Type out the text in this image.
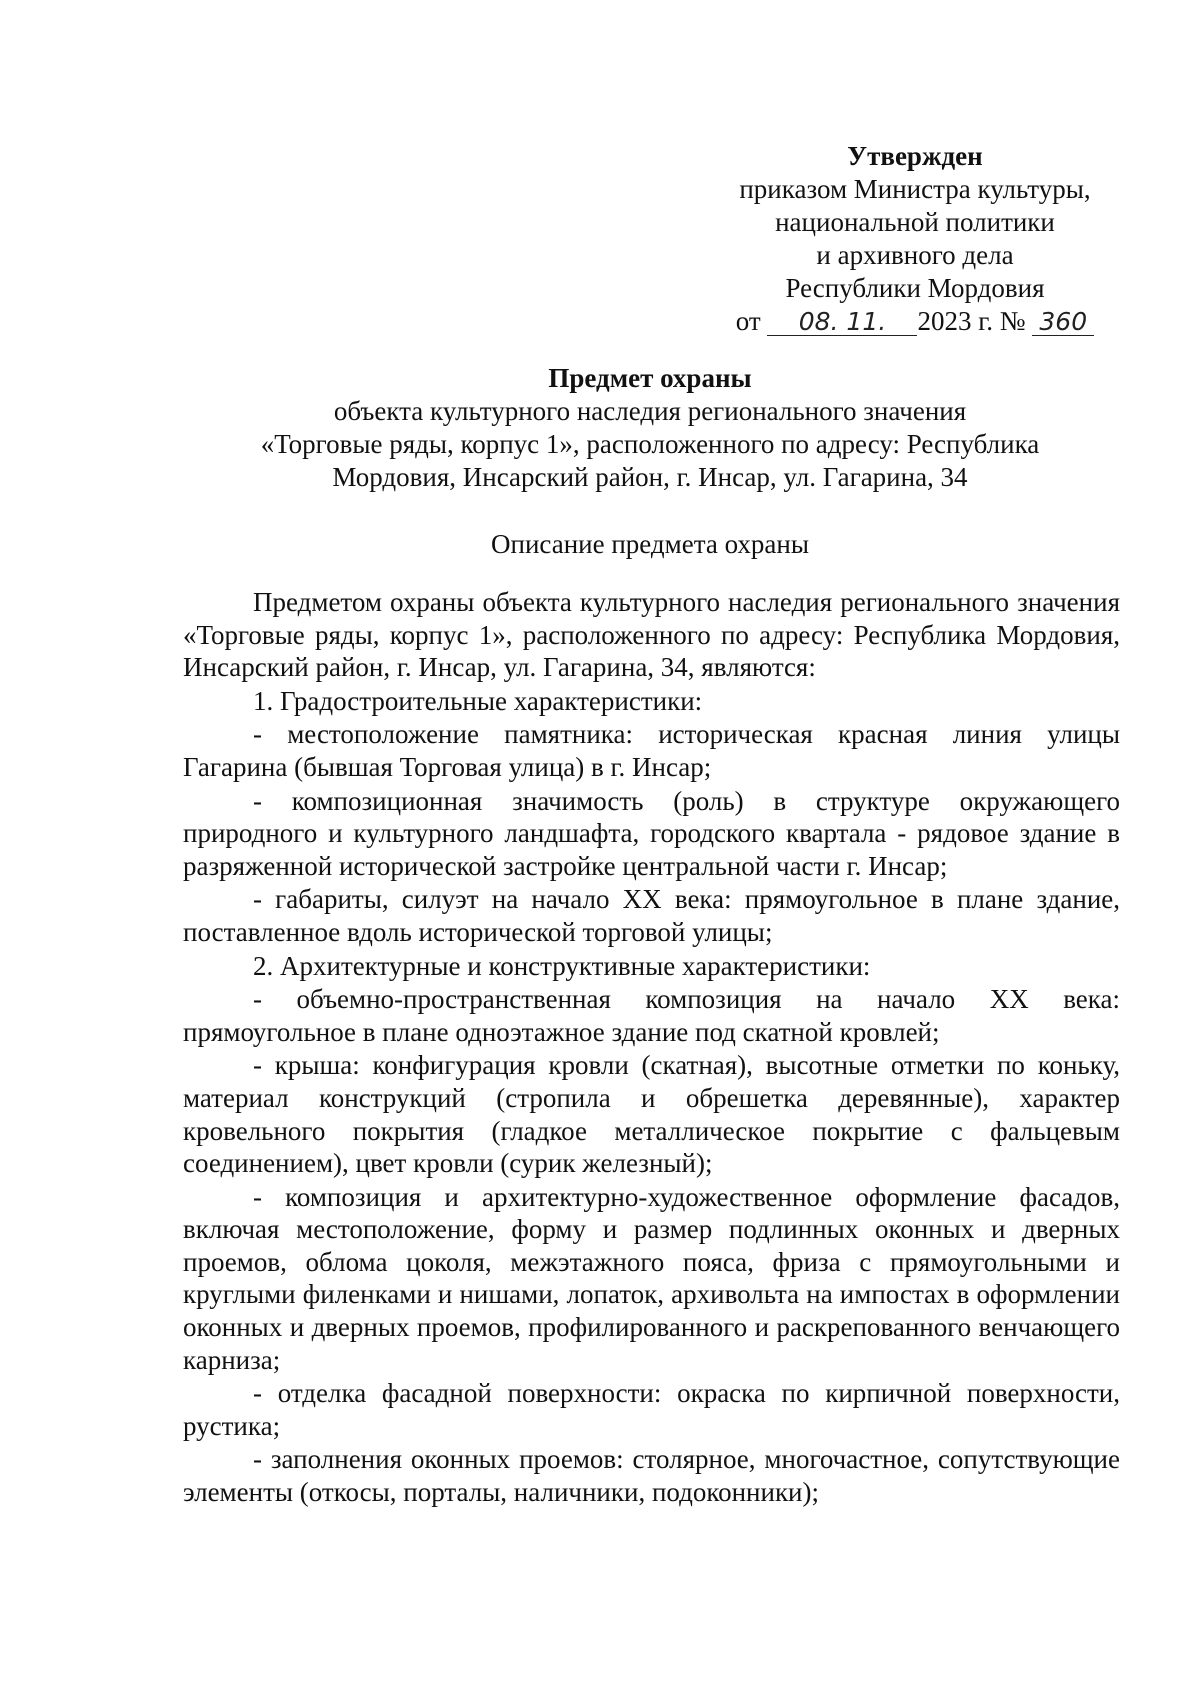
Утвержден
приказом Министра культуры,
национальной политики
и архивного дела
Республики Мордовия
от 08. 11. 2023 г. № 360
Предмет охраны
объекта культурного наследия регионального значения
«Торговые ряды, корпус 1», расположенного по адресу: Республика
Мордовия, Инсарский район, г. Инсар, ул. Гагарина, 34
Описание предмета охраны

Предметом охраны объекта культурного наследия регионального значения «Торговые ряды, корпус 1», расположенного по адресу: Республика Мордовия, Инсарский район, г. Инсар, ул. Гагарина, 34, являются:

1. Градостроительные характеристики:

- местоположение памятника: историческая красная линия улицы Гагарина (бывшая Торговая улица) в г. Инсар;

- композиционная значимость (роль) в структуре окружающего природного и культурного ландшафта, городского квартала - рядовое здание в разряженной исторической застройке центральной части г. Инсар;

- габариты, силуэт на начало XX века: прямоугольное в плане здание, поставленное вдоль исторической торговой улицы;

2. Архитектурные и конструктивные характеристики:

- объемно-пространственная композиция на начало XX века: прямоугольное в плане одноэтажное здание под скатной кровлей;

- крыша: конфигурация кровли (скатная), высотные отметки по коньку, материал конструкций (стропила и обрешетка деревянные), характер кровельного покрытия (гладкое металлическое покрытие с фальцевым соединением), цвет кровли (сурик железный);

- композиция и архитектурно-художественное оформление фасадов, включая местоположение, форму и размер подлинных оконных и дверных проемов, облома цоколя, межэтажного пояса, фриза с прямоугольными и круглыми филенками и нишами, лопаток, архивольта на импостах в оформлении оконных и дверных проемов, профилированного и раскрепованного венчающего карниза;

- отделка фасадной поверхности: окраска по кирпичной поверхности, рустика;

- заполнения оконных проемов: столярное, многочастное, сопутствующие элементы (откосы, порталы, наличники, подоконники);
